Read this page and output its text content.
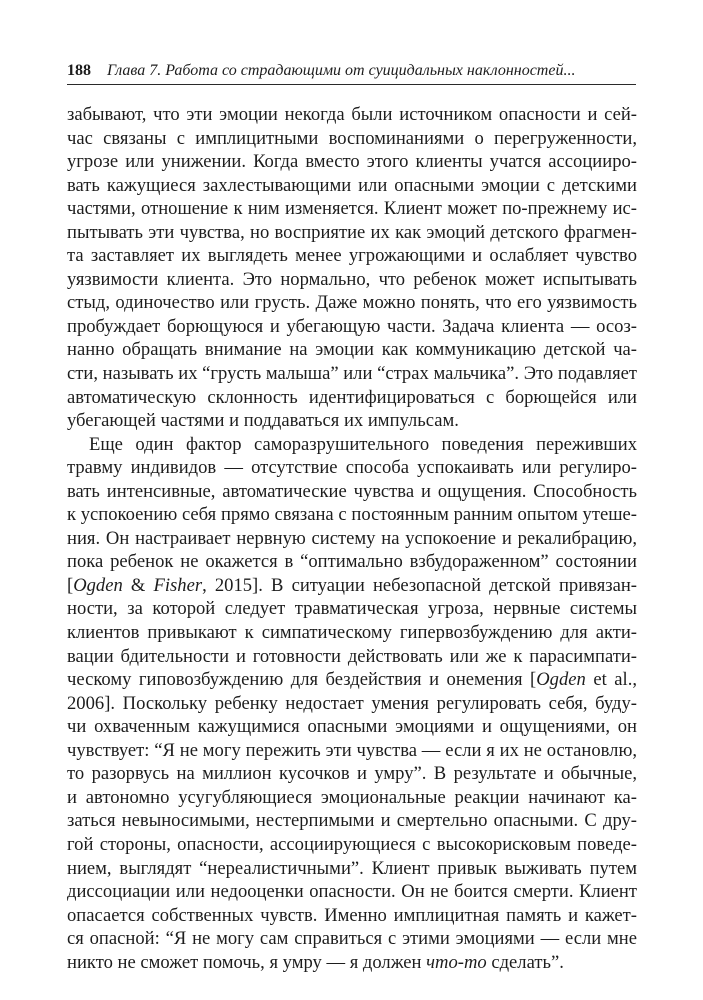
188 Глава 7. Работа со страдающими от суицидальных наклонностей...
забывают, что эти эмоции некогда были источником опасности и сей-
час связаны с имплицитными воспоминаниями о перегруженности,
угрозе или унижении. Когда вместо этого клиенты учатся ассоцииро-
вать кажущиеся захлестывающими или опасными эмоции с детскими
частями, отношение к ним изменяется. Клиент может по-прежнему ис-
пытывать эти чувства, но восприятие их как эмоций детского фрагмен-
та заставляет их выглядеть менее угрожающими и ослабляет чувство
уязвимости клиента. Это нормально, что ребенок может испытывать
стыд, одиночество или грусть. Даже можно понять, что его уязвимость
пробуждает борющуюся и убегающую части. Задача клиента — осоз-
нанно обращать внимание на эмоции как коммуникацию детской ча-
сти, называть их “грусть малыша” или “страх мальчика”. Это подавляет
автоматическую склонность идентифицироваться с борющейся или
убегающей частями и поддаваться их импульсам.
Еще один фактор саморазрушительного поведения переживших
травму индивидов — отсутствие способа успокаивать или регулиро-
вать интенсивные, автоматические чувства и ощущения. Способность
к успокоению себя прямо связана с постоянным ранним опытом утеше-
ния. Он настраивает нервную систему на успокоение и рекалибрацию,
пока ребенок не окажется в “оптимально взбудораженном” состоянии
[Ogden & Fisher, 2015]. В ситуации небезопасной детской привязан-
ности, за которой следует травматическая угроза, нервные системы
клиентов привыкают к симпатическому гипервозбуждению для акти-
вации бдительности и готовности действовать или же к парасимпати-
ческому гиповозбуждению для бездействия и онемения [Ogden et al.,
2006]. Поскольку ребенку недостает умения регулировать себя, буду-
чи охваченным кажущимися опасными эмоциями и ощущениями, он
чувствует: “Я не могу пережить эти чувства — если я их не остановлю,
то разорвусь на миллион кусочков и умру”. В результате и обычные,
и автономно усугубляющиеся эмоциональные реакции начинают ка-
заться невыносимыми, нестерпимыми и смертельно опасными. С дру-
гой стороны, опасности, ассоциирующиеся с высокорисковым поведе-
нием, выглядят “нереалистичными”. Клиент привык выживать путем
диссоциации или недооценки опасности. Он не боится смерти. Клиент
опасается собственных чувств. Именно имплицитная память и кажет-
ся опасной: “Я не могу сам справиться с этими эмоциями — если мне
никто не сможет помочь, я умру — я должен что-то сделать”.
